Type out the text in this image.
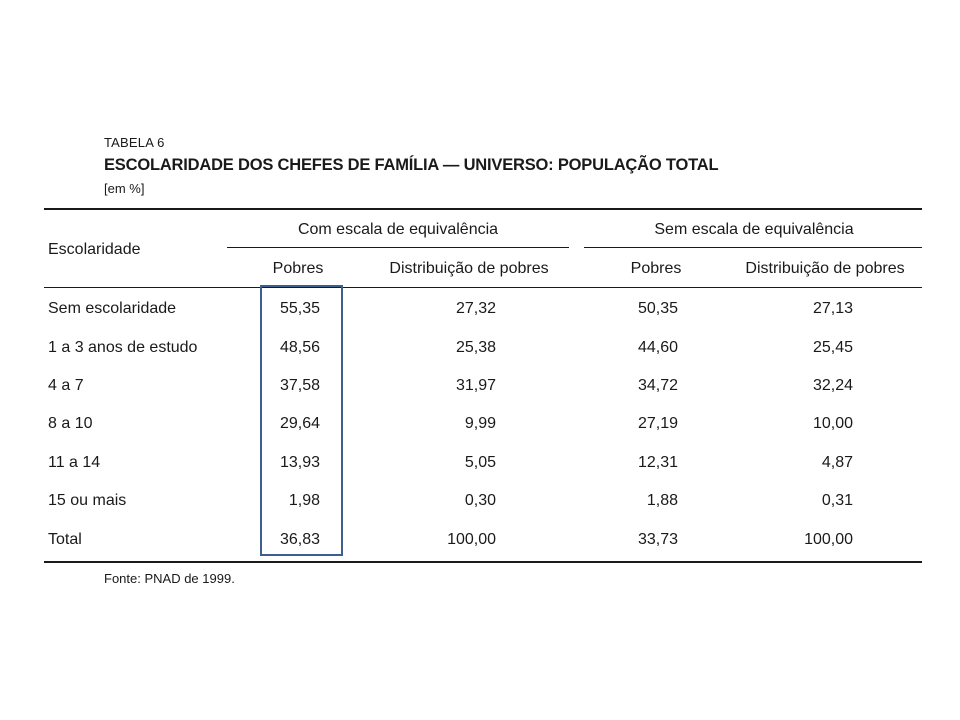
TABELA 6
ESCOLARIDADE DOS CHEFES DE FAMÍLIA — UNIVERSO: POPULAÇÃO TOTAL
[em %]
Escolaridade
Com escala de equivalência	Sem escala de equivalência
Pobres	Distribuição de pobres	Pobres	Distribuição de pobres
Sem escolaridade	55,35	27,32	50,35	27,13
1 a 3 anos de estudo	48,56	25,38	44,60	25,45
4 a 7	37,58	31,97	34,72	32,24
8 a 10	29,64	9,99	27,19	10,00
11 a 14	13,93	5,05	12,31	4,87
15 ou mais	1,98	0,30	1,88	0,31
Total	36,83	100,00	33,73	100,00
Fonte: PNAD de 1999.
